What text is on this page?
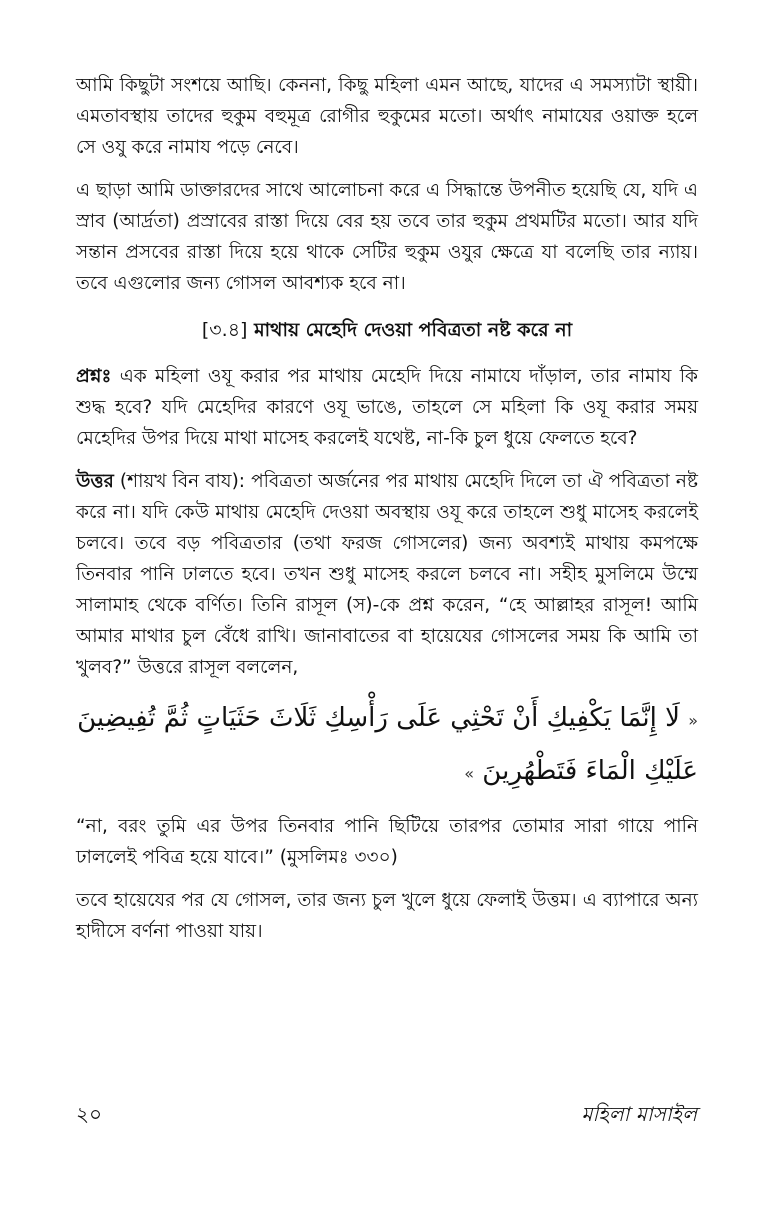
আমি কিছুটা সংশয়ে আছি। কেননা, কিছু মহিলা এমন আছে, যাদের এ সমস্যাটা স্থায়ী। এমতাবস্থায় তাদের হুকুম বহুমূত্র রোগীর হুকুমের মতো। অর্থাৎ নামাযের ওয়াক্ত হলে সে ওযু করে নামায পড়ে নেবে।

এ ছাড়া আমি ডাক্তারদের সাথে আলোচনা করে এ সিদ্ধান্তে উপনীত হয়েছি যে, যদি এ স্রাব (আর্দ্রতা) প্রস্রাবের রাস্তা দিয়ে বের হয় তবে তার হুকুম প্রথমটির মতো। আর যদি সন্তান প্রসবের রাস্তা দিয়ে হয়ে থাকে সেটির হুকুম ওযুর ক্ষেত্রে যা বলেছি তার ন্যায়। তবে এগুলোর জন্য গোসল আবশ্যক হবে না।

[৩.৪] মাথায় মেহেদি দেওয়া পবিত্রতা নষ্ট করে না

প্রশ্নঃ এক মহিলা ওযূ করার পর মাথায় মেহেদি দিয়ে নামাযে দাঁড়াল, তার নামায কি শুদ্ধ হবে? যদি মেহেদির কারণে ওযূ ভাঙে, তাহলে সে মহিলা কি ওযূ করার সময় মেহেদির উপর দিয়ে মাথা মাসেহ করলেই যথেষ্ট, না-কি চুল ধুয়ে ফেলতে হবে?

উত্তর (শায়খ বিন বায): পবিত্রতা অর্জনের পর মাথায় মেহেদি দিলে তা ঐ পবিত্রতা নষ্ট করে না। যদি কেউ মাথায় মেহেদি দেওয়া অবস্থায় ওযূ করে তাহলে শুধু মাসেহ করলেই চলবে। তবে বড় পবিত্রতার (তথা ফরজ গোসলের) জন্য অবশ্যই মাথায় কমপক্ষে তিনবার পানি ঢালতে হবে। তখন শুধু মাসেহ করলে চলবে না। সহীহ মুসলিমে উম্মে সালামাহ থেকে বর্ণিত। তিনি রাসূল (স)-কে প্রশ্ন করেন, “হে আল্লাহর রাসূল! আমি আমার মাথার চুল বেঁধে রাখি। জানাবাতের বা হায়েযের গোসলের সময় কি আমি তা খুলব?” উত্তরে রাসূল বললেন,

« لَا إِنَّمَا يَكْفِيكِ أَنْ تَحْثِي عَلَى رَأْسِكِ ثَلَاثَ حَثَيَاتٍ ثُمَّ تُفِيضِينَ عَلَيْكِ الْمَاءَ فَتَطْهُرِينَ »

“না, বরং তুমি এর উপর তিনবার পানি ছিটিয়ে তারপর তোমার সারা গায়ে পানি ঢাললেই পবিত্র হয়ে যাবে।” (মুসলিমঃ ৩৩০)

তবে হায়েযের পর যে গোসল, তার জন্য চুল খুলে ধুয়ে ফেলাই উত্তম। এ ব্যাপারে অন্য হাদীসে বর্ণনা পাওয়া যায়।

২০	মহিলা মাসাইল
